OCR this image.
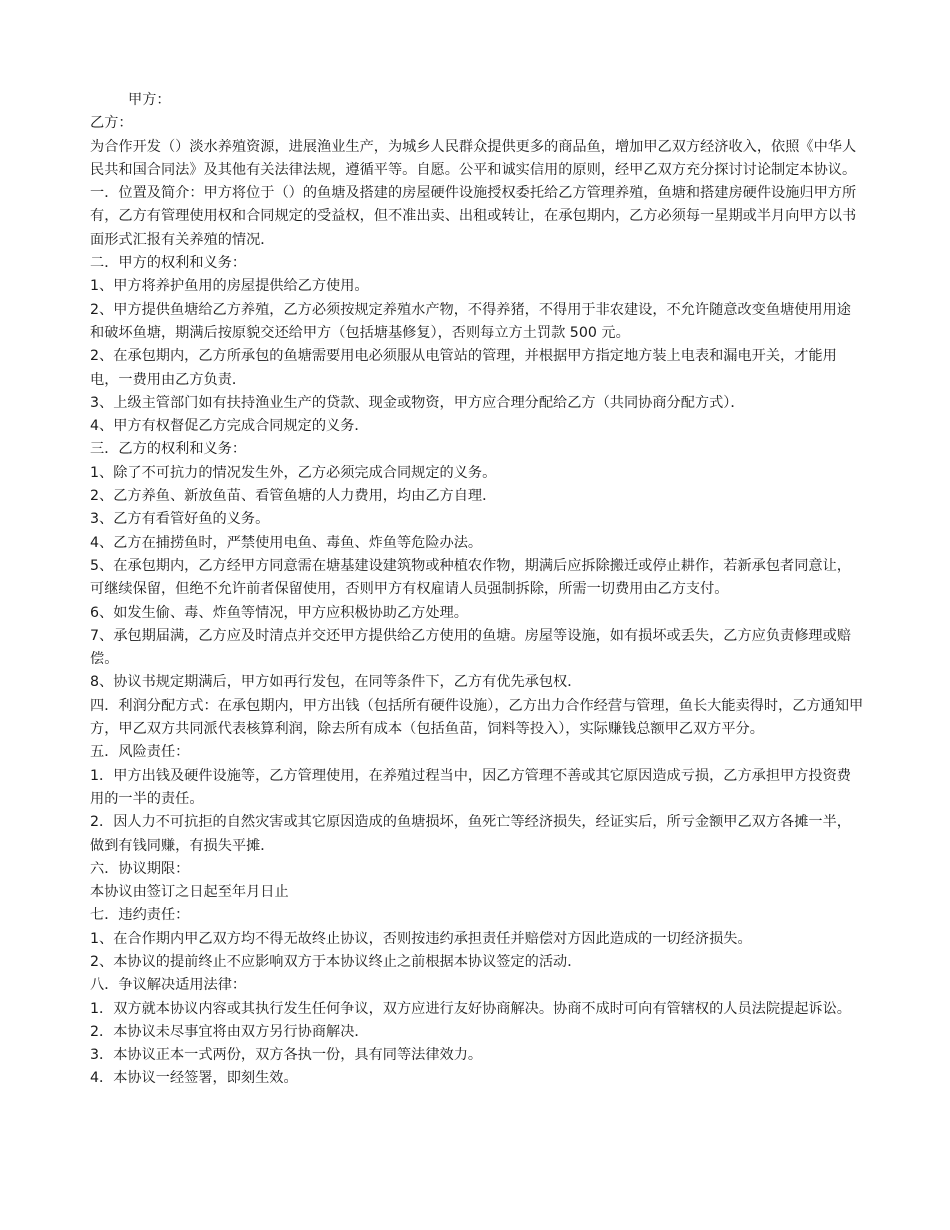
甲方：

乙方：

为合作开发（）淡水养殖资源，进展渔业生产，为城乡人民群众提供更多的商品鱼，增加甲乙双方经济收入，依照《中华人民共和国合同法》及其他有关法律法规，遵循平等。自愿。公平和诚实信用的原则，经甲乙双方充分探讨讨论制定本协议。

一．位置及简介：甲方将位于（）的鱼塘及搭建的房屋硬件设施授权委托给乙方管理养殖，鱼塘和搭建房硬件设施归甲方所有，乙方有管理使用权和合同规定的受益权，但不准出卖、出租或转让，在承包期内，乙方必须每一星期或半月向甲方以书面形式汇报有关养殖的情况．

二．甲方的权利和义务：

1、甲方将养护鱼用的房屋提供给乙方使用。

2、甲方提供鱼塘给乙方养殖，乙方必须按规定养殖水产物，不得养猪，不得用于非农建设，不允许随意改变鱼塘使用用途和破坏鱼塘，期满后按原貌交还给甲方（包括塘基修复），否则每立方土罚款 500 元。

2、在承包期内，乙方所承包的鱼塘需要用电必须服从电管站的管理，并根据甲方指定地方装上电表和漏电开关，才能用电，一费用由乙方负责．

3、上级主管部门如有扶持渔业生产的贷款、现金或物资，甲方应合理分配给乙方（共同协商分配方式）．

4、甲方有权督促乙方完成合同规定的义务．

三．乙方的权利和义务：

1、除了不可抗力的情况发生外，乙方必须完成合同规定的义务。

2、乙方养鱼、新放鱼苗、看管鱼塘的人力费用，均由乙方自理．

3、乙方有看管好鱼的义务。

4、乙方在捕捞鱼时，严禁使用电鱼、毒鱼、炸鱼等危险办法。

5、在承包期内，乙方经甲方同意需在塘基建设建筑物或种植农作物，期满后应拆除搬迁或停止耕作，若新承包者同意让，可继续保留，但绝不允许前者保留使用，否则甲方有权雇请人员强制拆除，所需一切费用由乙方支付。

6、如发生偷、毒、炸鱼等情况，甲方应积极协助乙方处理。

7、承包期届满，乙方应及时清点并交还甲方提供给乙方使用的鱼塘。房屋等设施，如有损坏或丢失，乙方应负责修理或赔偿。

8、协议书规定期满后，甲方如再行发包，在同等条件下，乙方有优先承包权．

四．利润分配方式：在承包期内，甲方出钱（包括所有硬件设施），乙方出力合作经营与管理，鱼长大能卖得时，乙方通知甲方，甲乙双方共同派代表核算利润，除去所有成本（包括鱼苗，饲料等投入），实际赚钱总额甲乙双方平分。

五．风险责任：

1．甲方出钱及硬件设施等，乙方管理使用，在养殖过程当中，因乙方管理不善或其它原因造成亏损，乙方承担甲方投资费用的一半的责任。

2．因人力不可抗拒的自然灾害或其它原因造成的鱼塘损坏，鱼死亡等经济损失，经证实后，所亏金额甲乙双方各摊一半，做到有钱同赚，有损失平摊．

六．协议期限：

本协议由签订之日起至年月日止

七．违约责任：

1、在合作期内甲乙双方均不得无故终止协议，否则按违约承担责任并赔偿对方因此造成的一切经济损失。

2、本协议的提前终止不应影响双方于本协议终止之前根据本协议签定的活动．

八．争议解决适用法律：

1．双方就本协议内容或其执行发生任何争议，双方应进行友好协商解决。协商不成时可向有管辖权的人员法院提起诉讼。

2．本协议未尽事宜将由双方另行协商解决．

3．本协议正本一式两份，双方各执一份，具有同等法律效力。

4．本协议一经签署，即刻生效。
